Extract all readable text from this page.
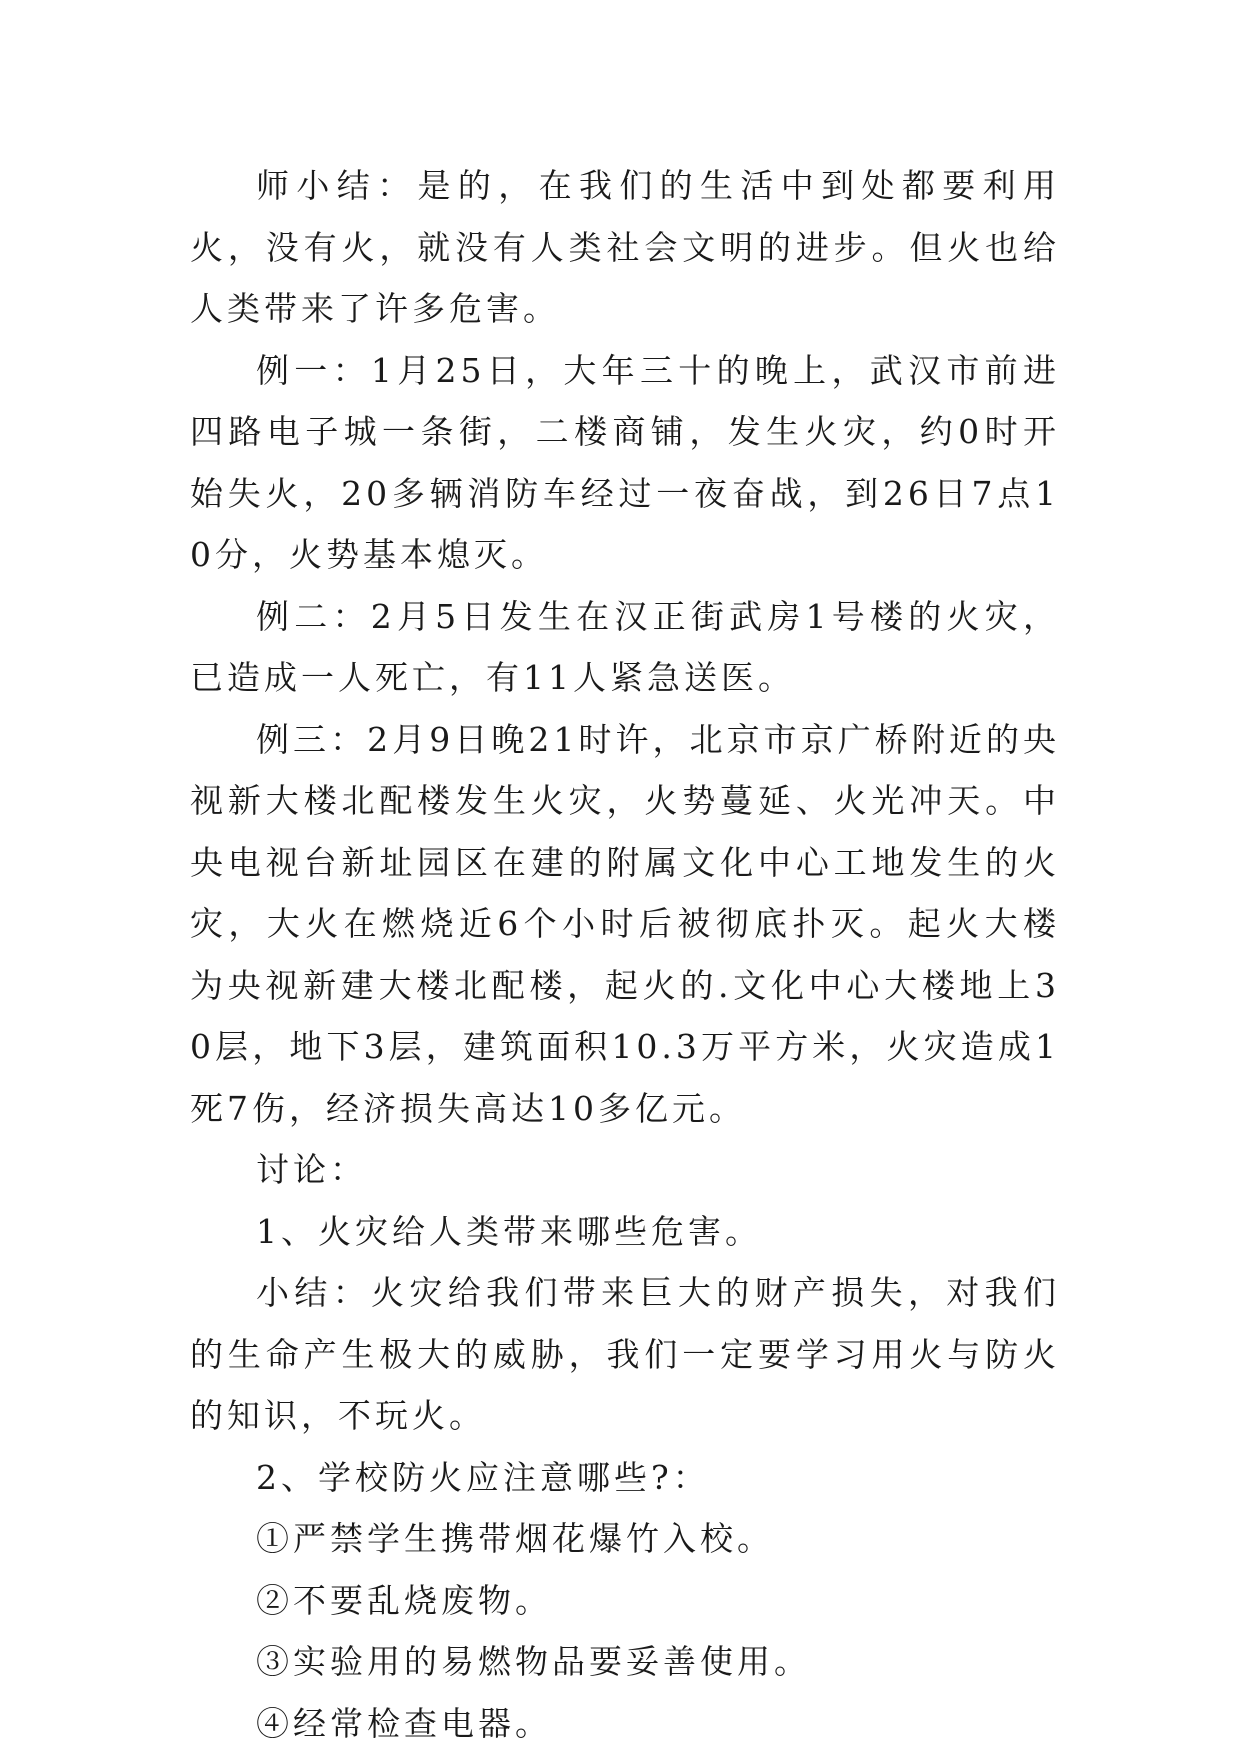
师小结：是的，在我们的生活中到处都要利用火，没有火，就没有人类社会文明的进步。但火也给人类带来了许多危害。

例一：1月25日，大年三十的晚上，武汉市前进四路电子城一条街，二楼商铺，发生火灾，约0时开始失火，20多辆消防车经过一夜奋战，到26日7点10分，火势基本熄灭。

例二：2月5日发生在汉正街武房1号楼的火灾，已造成一人死亡，有11人紧急送医。

例三：2月9日晚21时许，北京市京广桥附近的央视新大楼北配楼发生火灾，火势蔓延、火光冲天。中央电视台新址园区在建的附属文化中心工地发生的火灾，大火在燃烧近6个小时后被彻底扑灭。起火大楼为央视新建大楼北配楼，起火的.文化中心大楼地上30层，地下3层，建筑面积10.3万平方米，火灾造成1死7伤，经济损失高达10多亿元。

讨论：

1、火灾给人类带来哪些危害。

小结：火灾给我们带来巨大的财产损失，对我们的生命产生极大的威胁，我们一定要学习用火与防火的知识，不玩火。

2、学校防火应注意哪些?：

①严禁学生携带烟花爆竹入校。

②不要乱烧废物。

③实验用的易燃物品要妥善使用。

④经常检查电器。
